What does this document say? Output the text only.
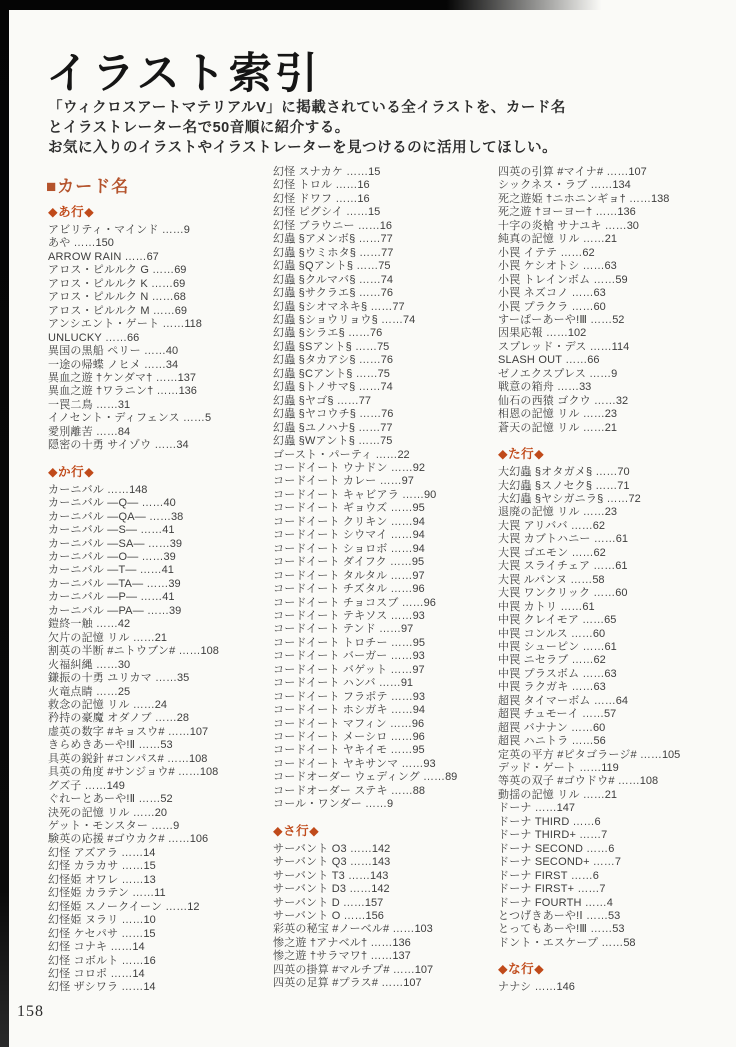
イラスト索引
「ウィクロスアートマテリアルV」に掲載されている全イラストを、カード名
とイラストレーター名で50音順に紹介する。
お気に入りのイラストやイラストレーターを見つけるのに活用してほしい。
■カード名
◆あ行◆
アビリティ・マインド ……9
あや ……150
ARROW RAIN ……67
アロス・ピルルク G ……69
アロス・ピルルク K ……69
アロス・ピルルク N ……68
アロス・ピルルク M ……69
アンシエント・ゲート ……118
UNLUCKY ……66
異国の黒船 ペリー ……40
一途の帰蝶 ノヒメ ……34
異血之遊 †ケンダマ† ……137
異血之遊 †ワラニン† ……136
一罠二鳥 ……31
イノセント・ディフェンス ……5
愛別離苦 ……84
隠密の十勇 サイゾウ ……34
◆か行◆
カーニバル ……148
カーニバル —Q— ……40
カーニバル —QA— ……38
カーニバル —S— ……41
カーニバル —SA— ……39
カーニバル —O— ……39
カーニバル —T— ……41
カーニバル —TA— ……39
カーニバル —P— ……41
カーニバル —PA— ……39
鎧終一触 ……42
欠片の記憶 リル ……21
割英の半断 #ニトウブン# ……108
火福糾縄 ……30
鎌振の十勇 ユリカマ ……35
火竜点睛 ……25
救念の記憶 リル ……24
矜持の豪魔 オダノブ ……28
虚英の数字 #キョスウ# ……107
きらめきあーや!Ⅱ ……53
具英の鋭針 #コンパス# ……108
具英の角度 #サンジョウ# ……108
グズ子 ……149
ぐれーとあーや!Ⅱ ……52
決死の記憶 リル ……20
ゲット・モンスター ……9
験英の応援 #ゴウカク# ……106
幻怪 アズアラ ……14
幻怪 カラカサ ……15
幻怪姫 オワレ ……13
幻怪姫 カラテン ……11
幻怪姫 スノークイーン ……12
幻怪姫 ヌラリ ……10
幻怪 ケセパサ ……15
幻怪 コナキ ……14
幻怪 コボルト ……16
幻怪 コロポ ……14
幻怪 ザシワラ ……14
幻怪 スナカケ ……15
幻怪 トロル ……16
幻怪 ドワフ ……16
幻怪 ピグシイ ……15
幻怪 ブラウニー ……16
幻蟲 §アメンボ§ ……77
幻蟲 §ウミホタ§ ……77
幻蟲 §Qアント§ ……75
幻蟲 §クルマバ§ ……74
幻蟲 §サクラエ§ ……76
幻蟲 §シオマネキ§ ……77
幻蟲 §ショウリョウ§ ……74
幻蟲 §シラエ§ ……76
幻蟲 §Sアント§ ……75
幻蟲 §タカアシ§ ……76
幻蟲 §Cアント§ ……75
幻蟲 §トノサマ§ ……74
幻蟲 §ヤゴ§ ……77
幻蟲 §ヤコウチ§ ……76
幻蟲 §ユノハナ§ ……77
幻蟲 §Wアント§ ……75
ゴースト・パーティ ……22
コードイート ウナドン ……92
コードイート カレー ……97
コードイート キャビアラ ……90
コードイート ギョウズ ……95
コードイート クリキン ……94
コードイート シウマイ ……94
コードイート ショロボ ……94
コードイート ダイフク ……95
コードイート タルタル ……97
コードイート チズタル ……96
コードイート チョコスブ ……96
コードイート テキソス ……93
コードイート テンド ……97
コードイート トロチー ……95
コードイート バーガー ……93
コードイート バゲット ……97
コードイート ハンバ ……91
コードイート フラポテ ……93
コードイート ホシガキ ……94
コードイート マフィン ……96
コードイート メーシロ ……96
コードイート ヤキイモ ……95
コードイート ヤキサンマ ……93
コードオーダー ウェディング ……89
コードオーダー ステキ ……88
コール・ワンダー ……9
◆さ行◆
サーバント O3 ……142
サーバント Q3 ……143
サーバント T3 ……143
サーバント D3 ……142
サーバント D ……157
サーバント O ……156
彩英の秘宝 #ノーベル# ……103
惨之遊 †アナベル† ……136
惨之遊 †サラマワ† ……137
四英の掛算 #マルチプ# ……107
四英の足算 #プラス# ……107
四英の引算 #マイナ# ……107
シックネス・ラブ ……134
死之遊姫 †ニホニンギョ† ……138
死之遊 †ヨーヨー† ……136
十字の炎槍 サナユキ ……30
純真の記憶 リル ……21
小罠 イテテ ……62
小罠 ケシオトシ ……63
小罠 トレインボム ……59
小罠 ネズコノ ……63
小罠 プラクラ ……60
すーぱーあーや!Ⅲ ……52
因果応報 ……102
スプレッド・デス ……114
SLASH OUT ……66
ゼノエクスプレス ……9
戦意の箱舟 ……33
仙石の西猿 ゴクウ ……32
相恩の記憶 リル ……23
蒼天の記憶 リル ……21
◆た行◆
大幻蟲 §オタガメ§ ……70
大幻蟲 §スノセク§ ……71
大幻蟲 §ヤシガニラ§ ……72
退廃の記憶 リル ……23
大罠 アリババ ……62
大罠 カブトハニー ……61
大罠 ゴエモン ……62
大罠 スライチェア ……61
大罠 ルパンヌ ……58
大罠 ワンクリック ……60
中罠 カトリ ……61
中罠 クレイモア ……65
中罠 コンルス ……60
中罠 シューピン ……61
中罠 ニセラブ ……62
中罠 プラスボム ……63
中罠 ラクガキ ……63
超罠 タイマーボム ……64
超罠 チュモーイ ……57
超罠 バナナン ……60
超罠 ハニトラ ……56
定英の平方 #ピタゴラージ# ……105
デッド・ゲート ……119
等英の双子 #ゴウドウ# ……108
動揺の記憶 リル ……21
ドーナ ……147
ドーナ THIRD ……6
ドーナ THIRD+ ……7
ドーナ SECOND ……6
ドーナ SECOND+ ……7
ドーナ FIRST ……6
ドーナ FIRST+ ……7
ドーナ FOURTH ……4
とつげきあーや!Ⅰ ……53
とってもあーや!Ⅲ ……53
ドント・エスケープ ……58
◆な行◆
ナナシ ……146
158
